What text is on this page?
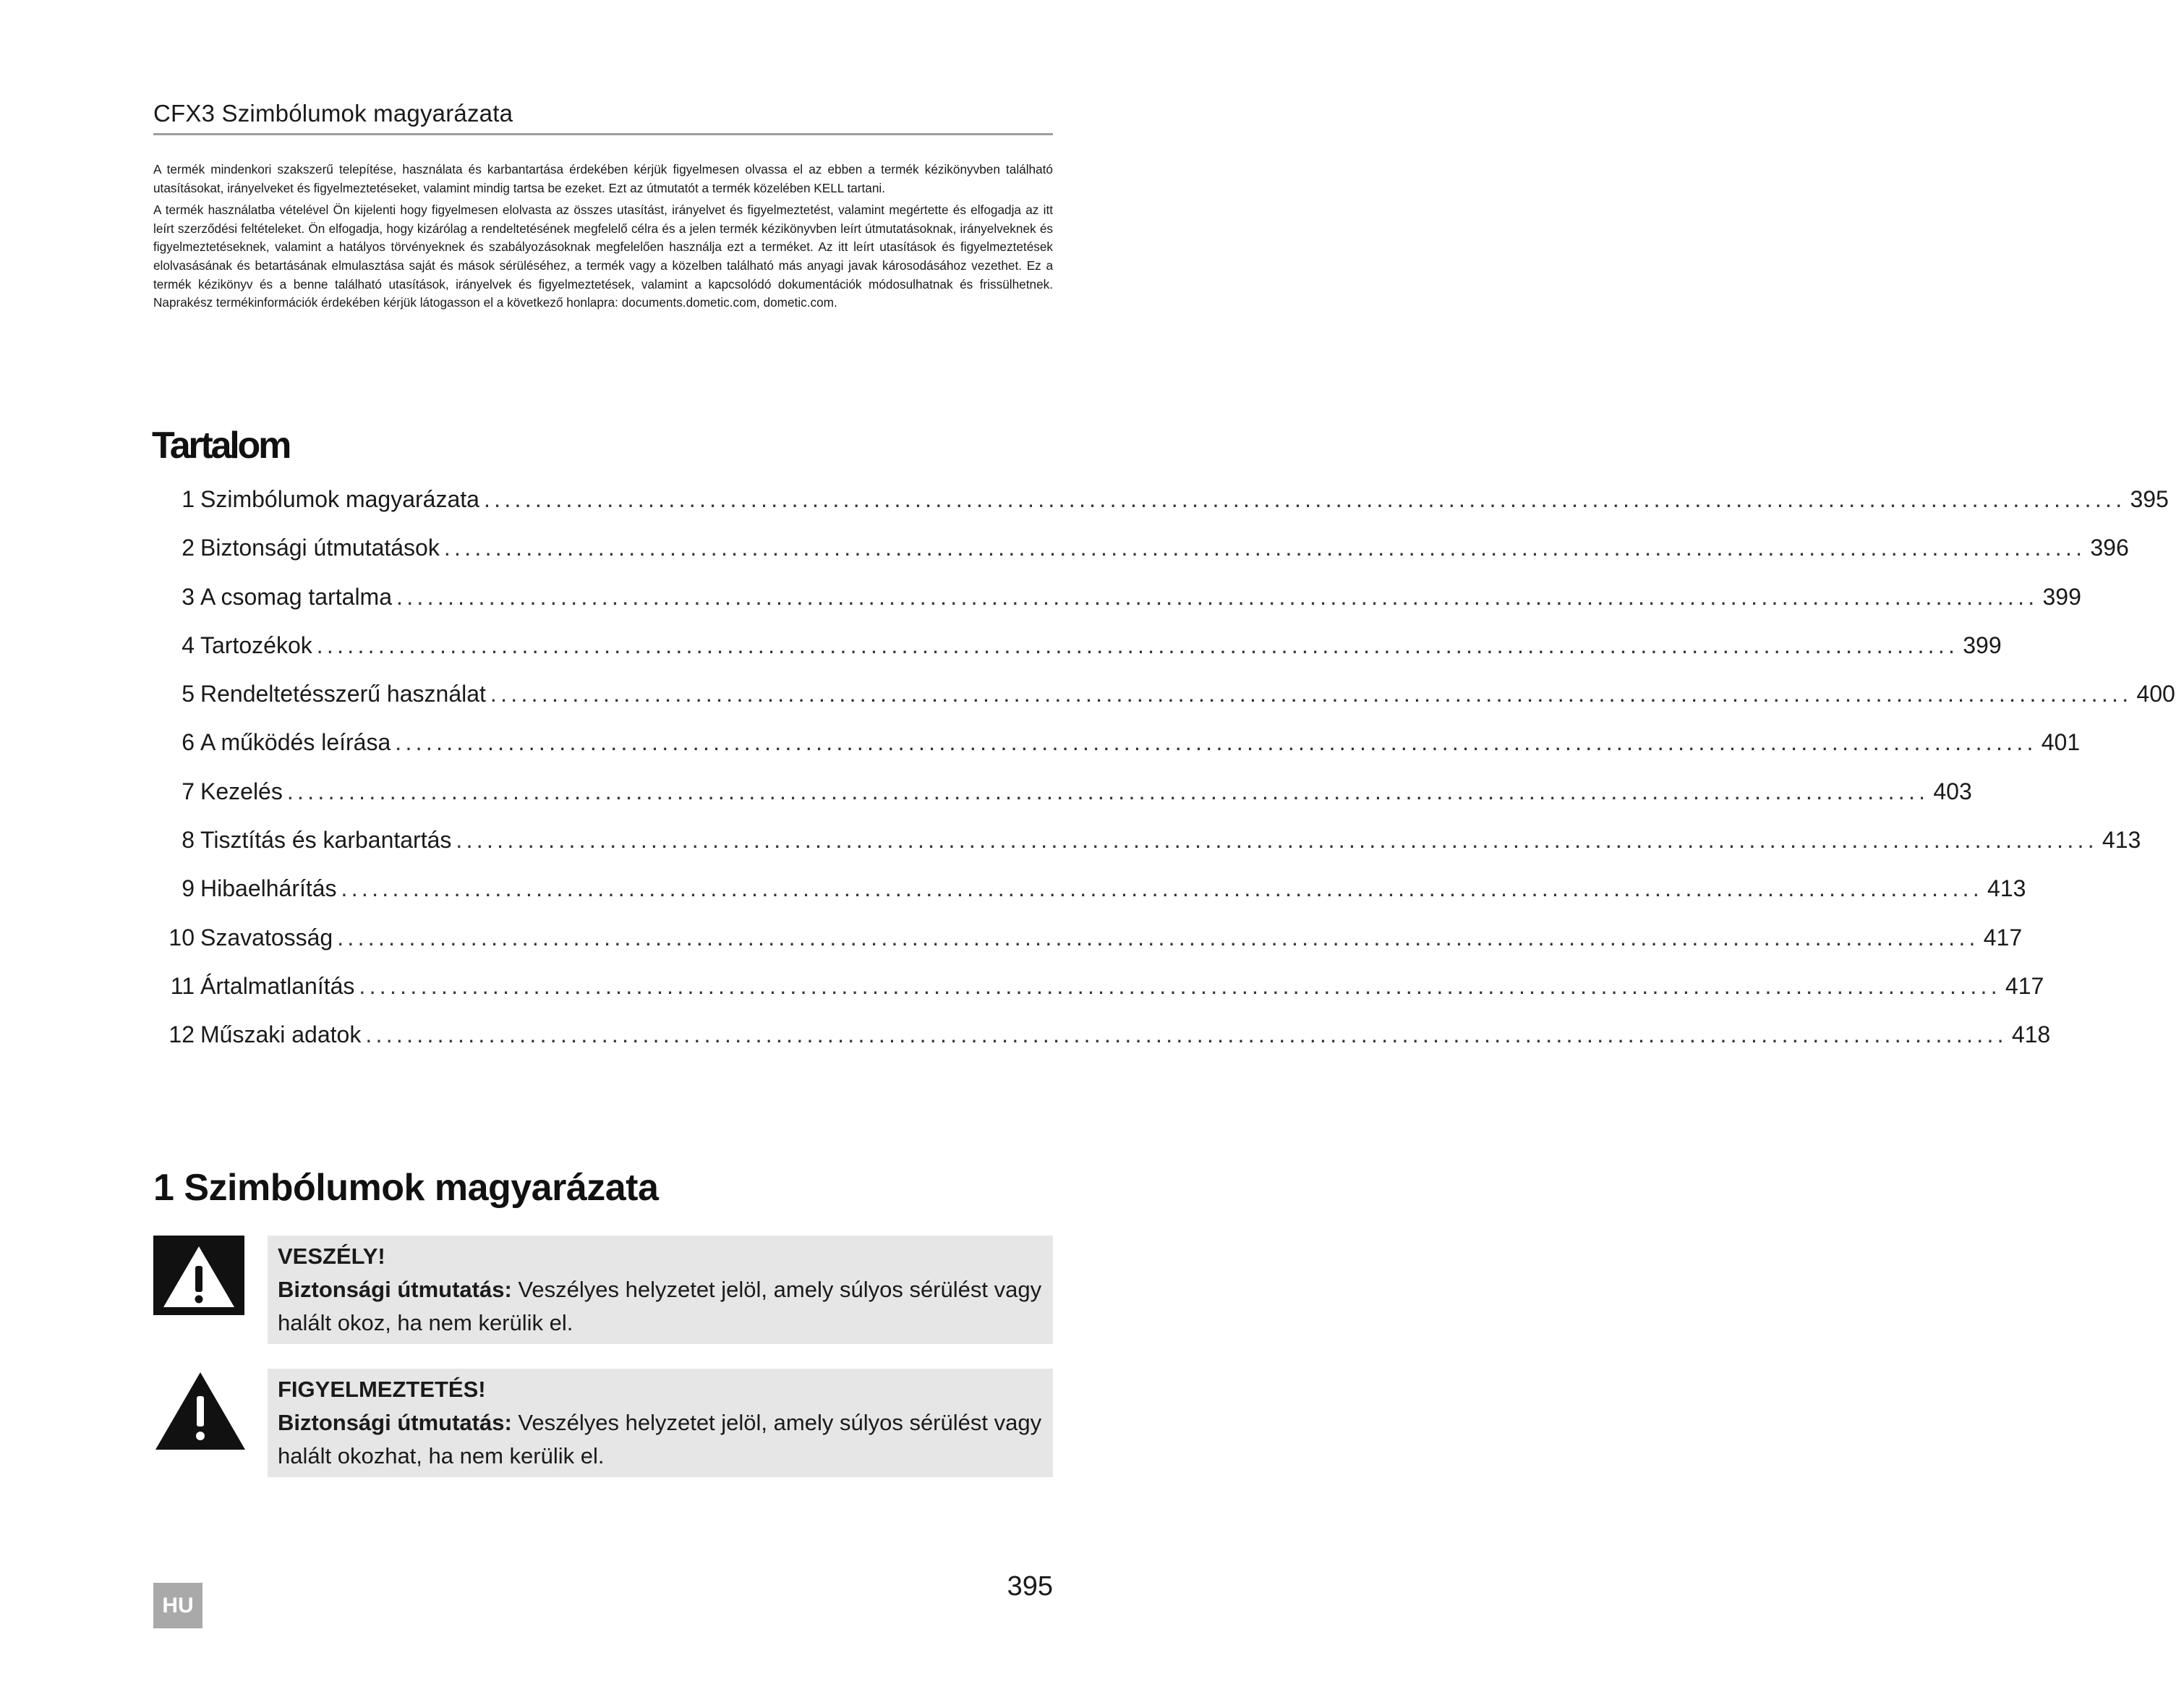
CFX3 Szimbólumok magyarázata

A termék mindenkori szakszerű telepítése, használata és karbantartása érdekében kérjük figyelmesen olvassa el az ebben a termék kézikönyvben található utasításokat, irányelveket és figyelmeztetéseket, valamint mindig tartsa be ezeket. Ezt az útmutatót a termék közelében KELL tartani.

A termék használatba vételével Ön kijelenti hogy figyelmesen elolvasta az összes utasítást, irányelvet és figyelmeztetést, valamint megértette és elfogadja az itt leírt szerződési feltételeket. Ön elfogadja, hogy kizárólag a rendeltetésének megfelelő célra és a jelen termék kézikönyvben leírt útmutatásoknak, irányelveknek és figyelmeztetéseknek, valamint a hatályos törvényeknek és szabályozásoknak megfelelően használja ezt a terméket. Az itt leírt utasítások és figyelmeztetések elolvasásának és betartásának elmulasztása saját és mások sérüléséhez, a termék vagy a közelben található más anyagi javak károsodásához vezethet. Ez a termék kézikönyv és a benne található utasítások, irányelvek és figyelmeztetések, valamint a kapcsolódó dokumentációk módosulhatnak és frissülhetnek. Naprakész termékinformációk érdekében kérjük látogasson el a következő honlapra: documents.dometic.com, dometic.com.

Tartalom
1 Szimbólumok magyarázata ................................................................................................................................................................ 395
2 Biztonsági útmutatások ................................................................................................................................................................ 396
3 A csomag tartalma ................................................................................................................................................................ 399
4 Tartozékok ................................................................................................................................................................ 399
5 Rendeltetésszerű használat ................................................................................................................................................................ 400
6 A működés leírása ................................................................................................................................................................ 401
7 Kezelés ................................................................................................................................................................ 403
8 Tisztítás és karbantartás ................................................................................................................................................................ 413
9 Hibaelhárítás ................................................................................................................................................................ 413
10 Szavatosság ................................................................................................................................................................ 417
11 Ártalmatlanítás ................................................................................................................................................................ 417
12 Műszaki adatok ................................................................................................................................................................ 418
1 Szimbólumok magyarázata
VESZÉLY!
Biztonsági útmutatás: Veszélyes helyzetet jelöl, amely súlyos sérülést vagy halált okoz, ha nem kerülik el.
FIGYELMEZTETÉS!
Biztonsági útmutatás: Veszélyes helyzetet jelöl, amely súlyos sérülést vagy halált okozhat, ha nem kerülik el.
HU
395
